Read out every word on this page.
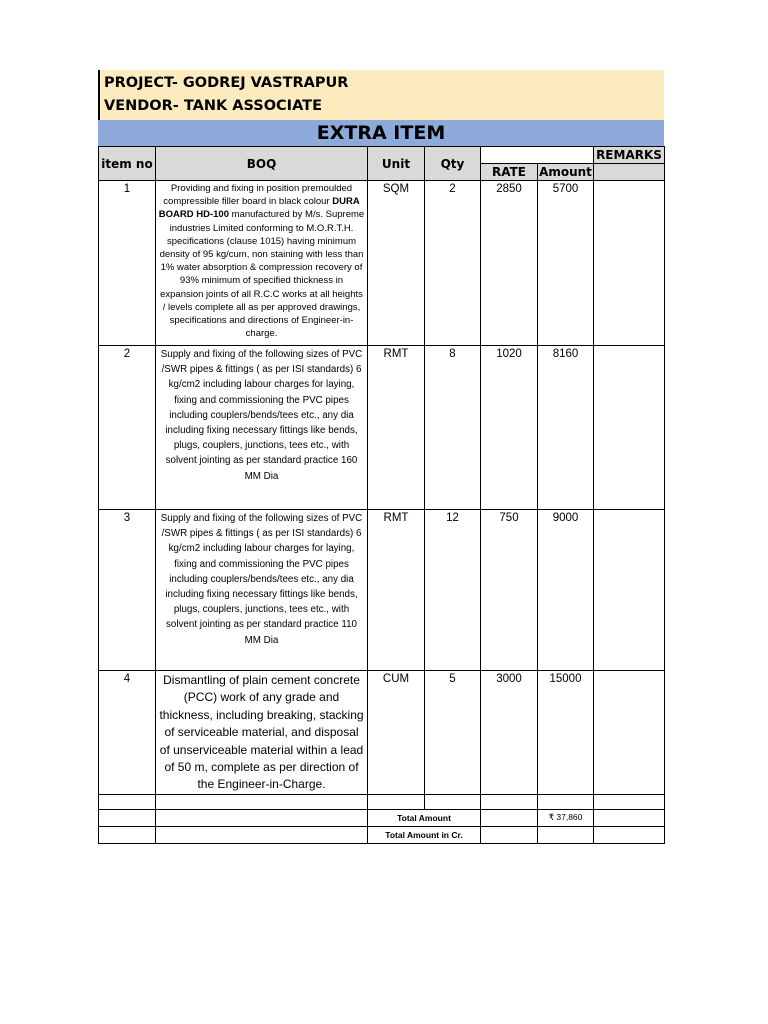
PROJECT- GODREJ VASTRAPUR
VENDOR- TANK ASSOCIATE
EXTRA ITEM
item no	BOQ	Unit	Qty			REMARKS
				RATE	Amount	
1	Providing and fixing in position premoulded compressible filler board in black colour DURA BOARD HD-100 manufactured by M/s. Supreme industries Limited conforming to M.O.R.T.H. specifications (clause 1015) having minimum density of 95 kg/cum, non staining with less than 1% water absorption & compression recovery of 93% minimum of specified thickness in expansion joints of all R.C.C works at all heights / levels complete all as per approved drawings, specifications and directions of Engineer-in-charge.	SQM	2	2850	5700	
2	Supply and fixing of the following sizes of PVC /SWR pipes & fittings ( as per ISI standards) 6 kg/cm2 including labour charges for laying, fixing and commissioning the PVC pipes including couplers/bends/tees etc., any dia including fixing necessary fittings like bends, plugs, couplers, junctions, tees etc., with solvent jointing as per standard practice 160 MM Dia	RMT	8	1020	8160	
3	Supply and fixing of the following sizes of PVC /SWR pipes & fittings ( as per ISI standards) 6 kg/cm2 including labour charges for laying, fixing and commissioning the PVC pipes including couplers/bends/tees etc., any dia including fixing necessary fittings like bends, plugs, couplers, junctions, tees etc., with solvent jointing as per standard practice 110 MM Dia	RMT	12	750	9000	
4	Dismantling of plain cement concrete (PCC) work of any grade and thickness, including breaking, stacking of serviceable material, and disposal of unserviceable material within a lead of 50 m, complete as per direction of the Engineer-in-Charge.	CUM	5	3000	15000	

		Total Amount			₹ 37,860	
		Total Amount in Cr.				
